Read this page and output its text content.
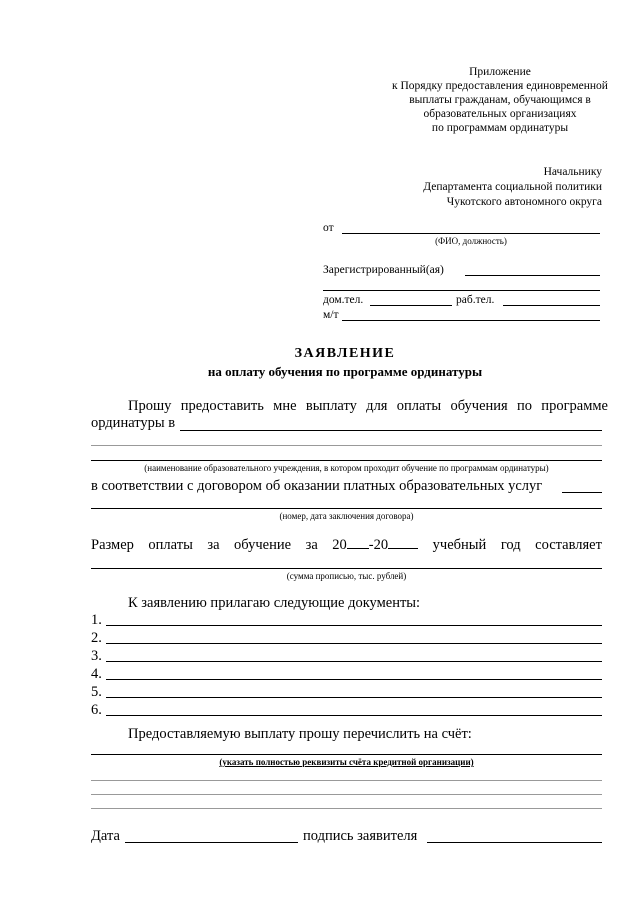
Приложение
к Порядку предоставления единовременной
выплаты гражданам, обучающимся в
образовательных организациях
по программам ординатуры
Начальнику
Департамента социальной политики
Чукотского автономного округа
от
(ФИО, должность)
Зарегистрированный(ая)
дом.тел.	раб.тел.
м/т
ЗАЯВЛЕНИЕ
на оплату обучения по программе ординатуры
Прошу предоставить мне выплату для оплаты обучения по программе
ординатуры в
(наименование образовательного учреждения, в котором проходит обучение по программам ординатуры)
в соответствии с договором об оказании платных образовательных услуг
(номер, дата заключения договора)
Размер оплаты за обучение за 20 -20	учебный год составляет
(сумма прописью, тыс. рублей)
К заявлению прилагаю следующие документы:
1.
2.
3.
4.
5.
6.
Предоставляемую выплату прошу перечислить на счёт:
(указать полностью реквизиты счёта кредитной организации)
Дата	подпись заявителя
